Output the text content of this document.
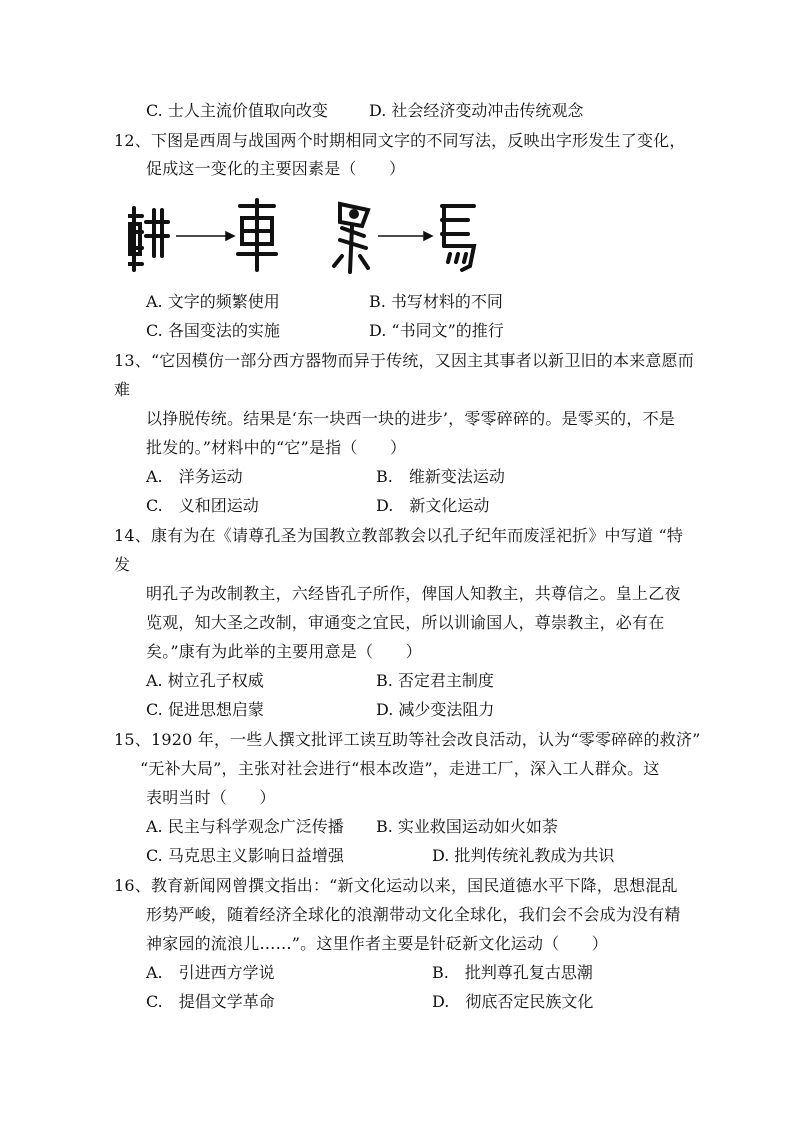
C. 士人主流价值取向改变	D. 社会经济变动冲击传统观念
12、下图是西周与战国两个时期相同文字的不同写法，反映出字形发生了变化，
促成这一变化的主要因素是（　　）
A. 文字的频繁使用	B. 书写材料的不同
C. 各国变法的实施	D. “书同文”的推行
13、“它因模仿一部分西方器物而异于传统，又因主其事者以新卫旧的本来意愿而
难
以挣脱传统。结果是‘东一块西一块的进步’，零零碎碎的。是零买的，不是
批发的。”材料中的“它”是指（　　）
A.　洋务运动	B.　维新变法运动
C.　义和团运动	D.　新文化运动
14、康有为在《请尊孔圣为国教立教部教会以孔子纪年而废淫祀折》中写道 “特
发
明孔子为改制教主，六经皆孔子所作，俾国人知教主，共尊信之。皇上乙夜
览观，知大圣之改制，审通变之宜民，所以训谕国人，尊崇教主，必有在
矣。”康有为此举的主要用意是（　　）
A. 树立孔子权威	B. 否定君主制度
C. 促进思想启蒙	D. 减少变法阻力
15、1920 年，一些人撰文批评工读互助等社会改良活动，认为“零零碎碎的救济”
“无补大局”，主张对社会进行“根本改造”，走进工厂，深入工人群众。这
表明当时（　　）
A. 民主与科学观念广泛传播 B. 实业救国运动如火如荼
C. 马克思主义影响日益增强	D. 批判传统礼教成为共识
16、教育新闻网曾撰文指出：“新文化运动以来，国民道德水平下降，思想混乱
形势严峻，随着经济全球化的浪潮带动文化全球化，我们会不会成为没有精
神家园的流浪儿……”。这里作者主要是针砭新文化运动（　　）
A.　引进西方学说	B.　批判尊孔复古思潮
C.　提倡文学革命	D.　彻底否定民族文化
